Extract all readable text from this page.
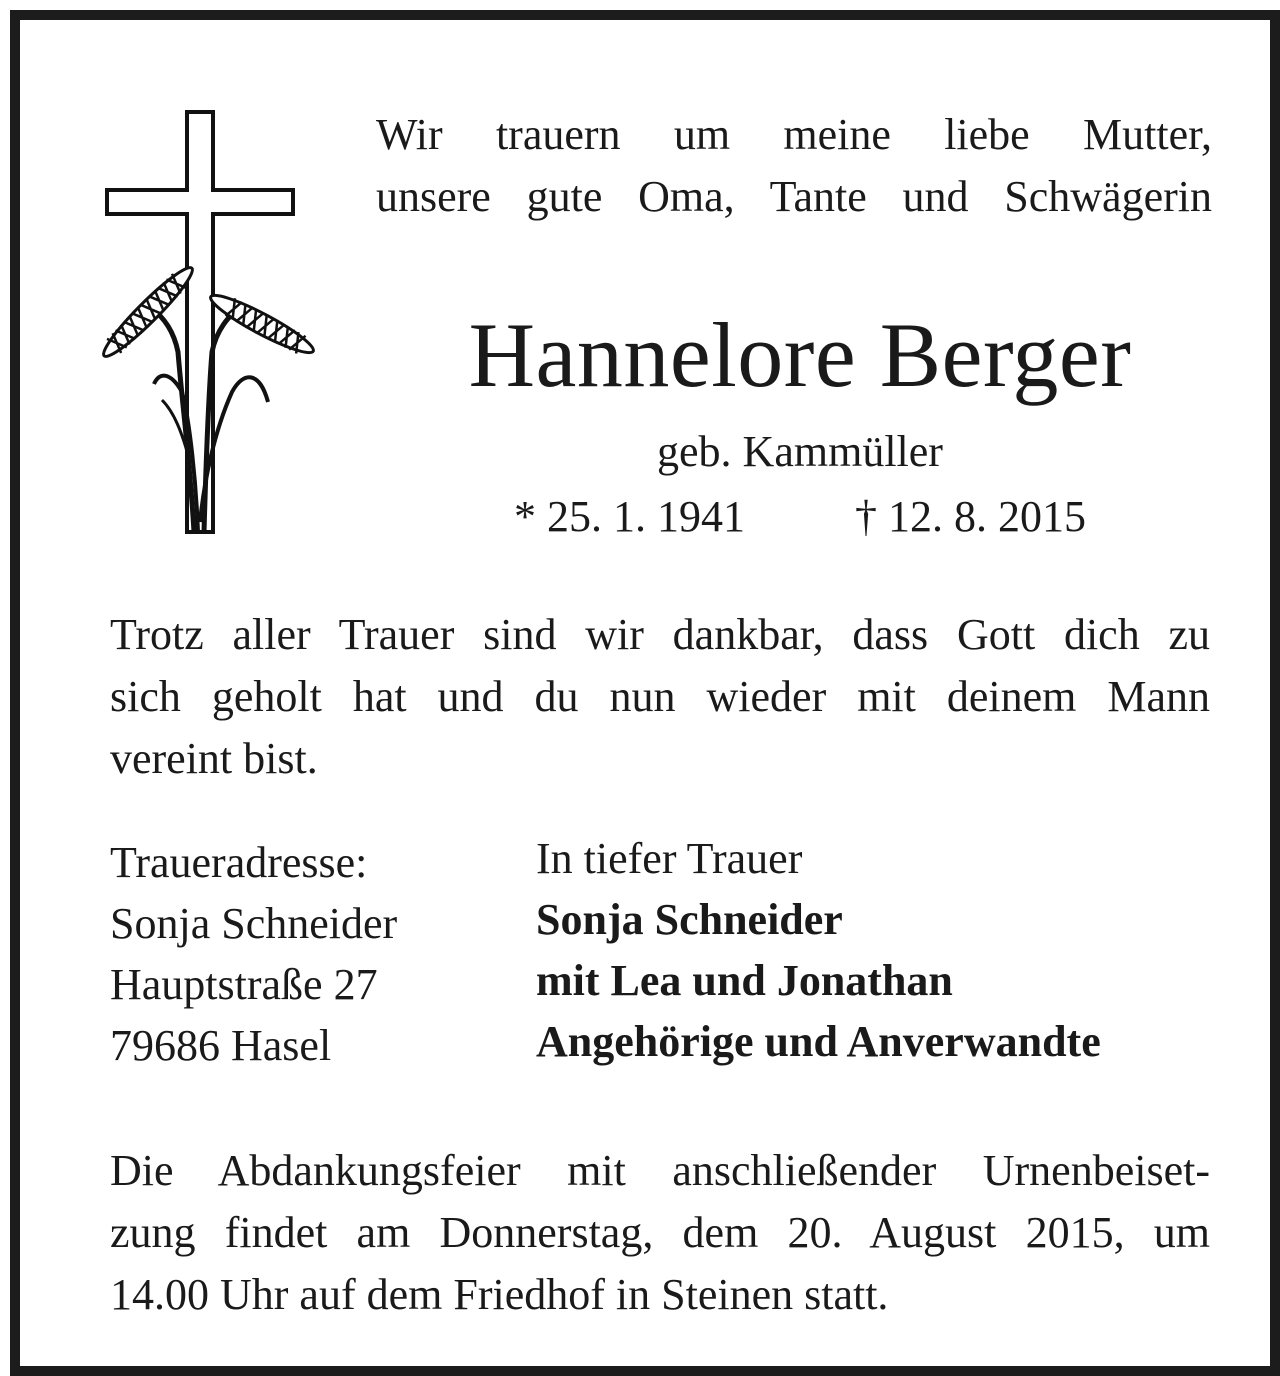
Wir trauern um meine liebe Mutter,
unsere gute Oma, Tante und Schwägerin
Hannelore Berger
geb. Kammüller
* 25. 1. 1941	† 12. 8. 2015
Trotz aller Trauer sind wir dankbar, dass Gott dich zu
sich geholt hat und du nun wieder mit deinem Mann
vereint bist.
Traueradresse:
Sonja Schneider
Hauptstraße 27
79686 Hasel
In tiefer Trauer
Sonja Schneider
mit Lea und Jonathan
Angehörige und Anverwandte
Die Abdankungsfeier mit anschließender Urnenbeiset-
zung findet am Donnerstag, dem 20. August 2015, um
14.00 Uhr auf dem Friedhof in Steinen statt.
